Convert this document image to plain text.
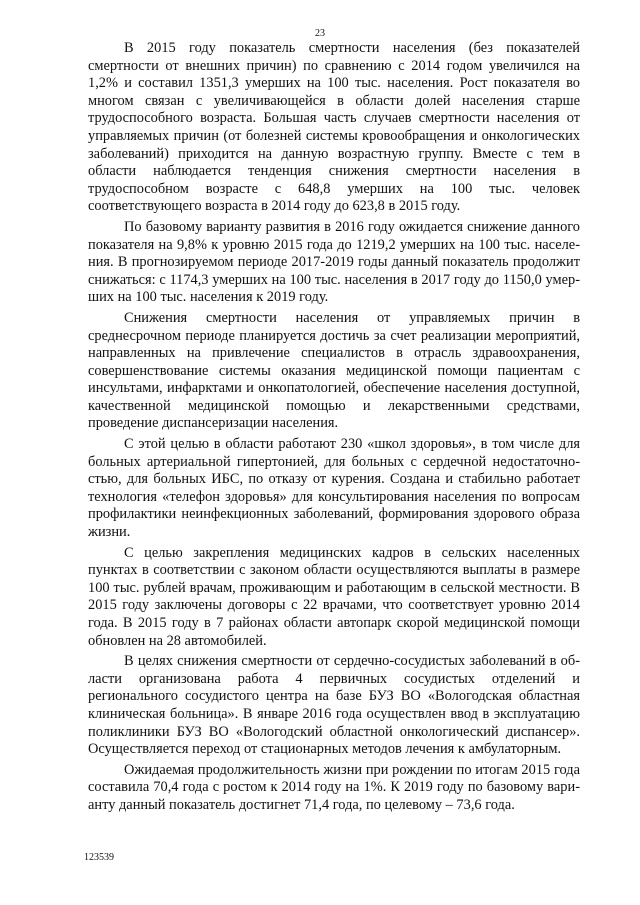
23

В 2015 году показатель смертности населения (без показателей смертности от внешних причин) по сравнению с 2014 годом увеличился на 1,2% и составил 1351,3 умерших на 100 тыс. населения. Рост показателя во многом связан с увеличивающейся в области долей населения старше трудоспособного возраста. Большая часть случаев смертности населения от управляемых причин (от болезней системы кровообращения и онкологических заболеваний) приходится на данную возрастную группу. Вместе с тем в области наблюдается тенденция снижения смертности населения в трудоспособном возрасте с 648,8 умерших на 100 тыс. человек соответствующего возраста в 2014 году до 623,8 в 2015 году.

По базовому варианту развития в 2016 году ожидается снижение данного показателя на 9,8% к уровню 2015 года до 1219,2 умерших на 100 тыс. населения. В прогнозируемом периоде 2017-2019 годы данный показатель продолжит снижаться: с 1174,3 умерших на 100 тыс. населения в 2017 году до 1150,0 умерших на 100 тыс. населения к 2019 году.

Снижения смертности населения от управляемых причин в среднесрочном периоде планируется достичь за счет реализации мероприятий, направленных на привлечение специалистов в отрасль здравоохранения, совершенствование системы оказания медицинской помощи пациентам с инсультами, инфарктами и онкопатологией, обеспечение населения доступной, качественной медицинской помощью и лекарственными средствами, проведение диспансеризации населения.

С этой целью в области работают 230 «школ здоровья», в том числе для больных артериальной гипертонией, для больных с сердечной недостаточностью, для больных ИБС, по отказу от курения. Создана и стабильно работает технология «телефон здоровья» для консультирования населения по вопросам профилактики неинфекционных заболеваний, формирования здорового образа жизни.

С целью закрепления медицинских кадров в сельских населенных пунктах в соответствии с законом области осуществляются выплаты в размере 100 тыс. рублей врачам, проживающим и работающим в сельской местности. В 2015 году заключены договоры с 22 врачами, что соответствует уровню 2014 года. В 2015 году в 7 районах области автопарк скорой медицинской помощи обновлен на 28 автомобилей.

В целях снижения смертности от сердечно-сосудистых заболеваний в области организована работа 4 первичных сосудистых отделений и регионального сосудистого центра на базе БУЗ ВО «Вологодская областная клиническая больница». В январе 2016 года осуществлен ввод в эксплуатацию поликлиники БУЗ ВО «Вологодский областной онкологический диспансер». Осуществляется переход от стационарных методов лечения к амбулаторным.

Ожидаемая продолжительность жизни при рождении по итогам 2015 года составила 70,4 года с ростом к 2014 году на 1%. К 2019 году по базовому варианту данный показатель достигнет 71,4 года, по целевому – 73,6 года.

123539
